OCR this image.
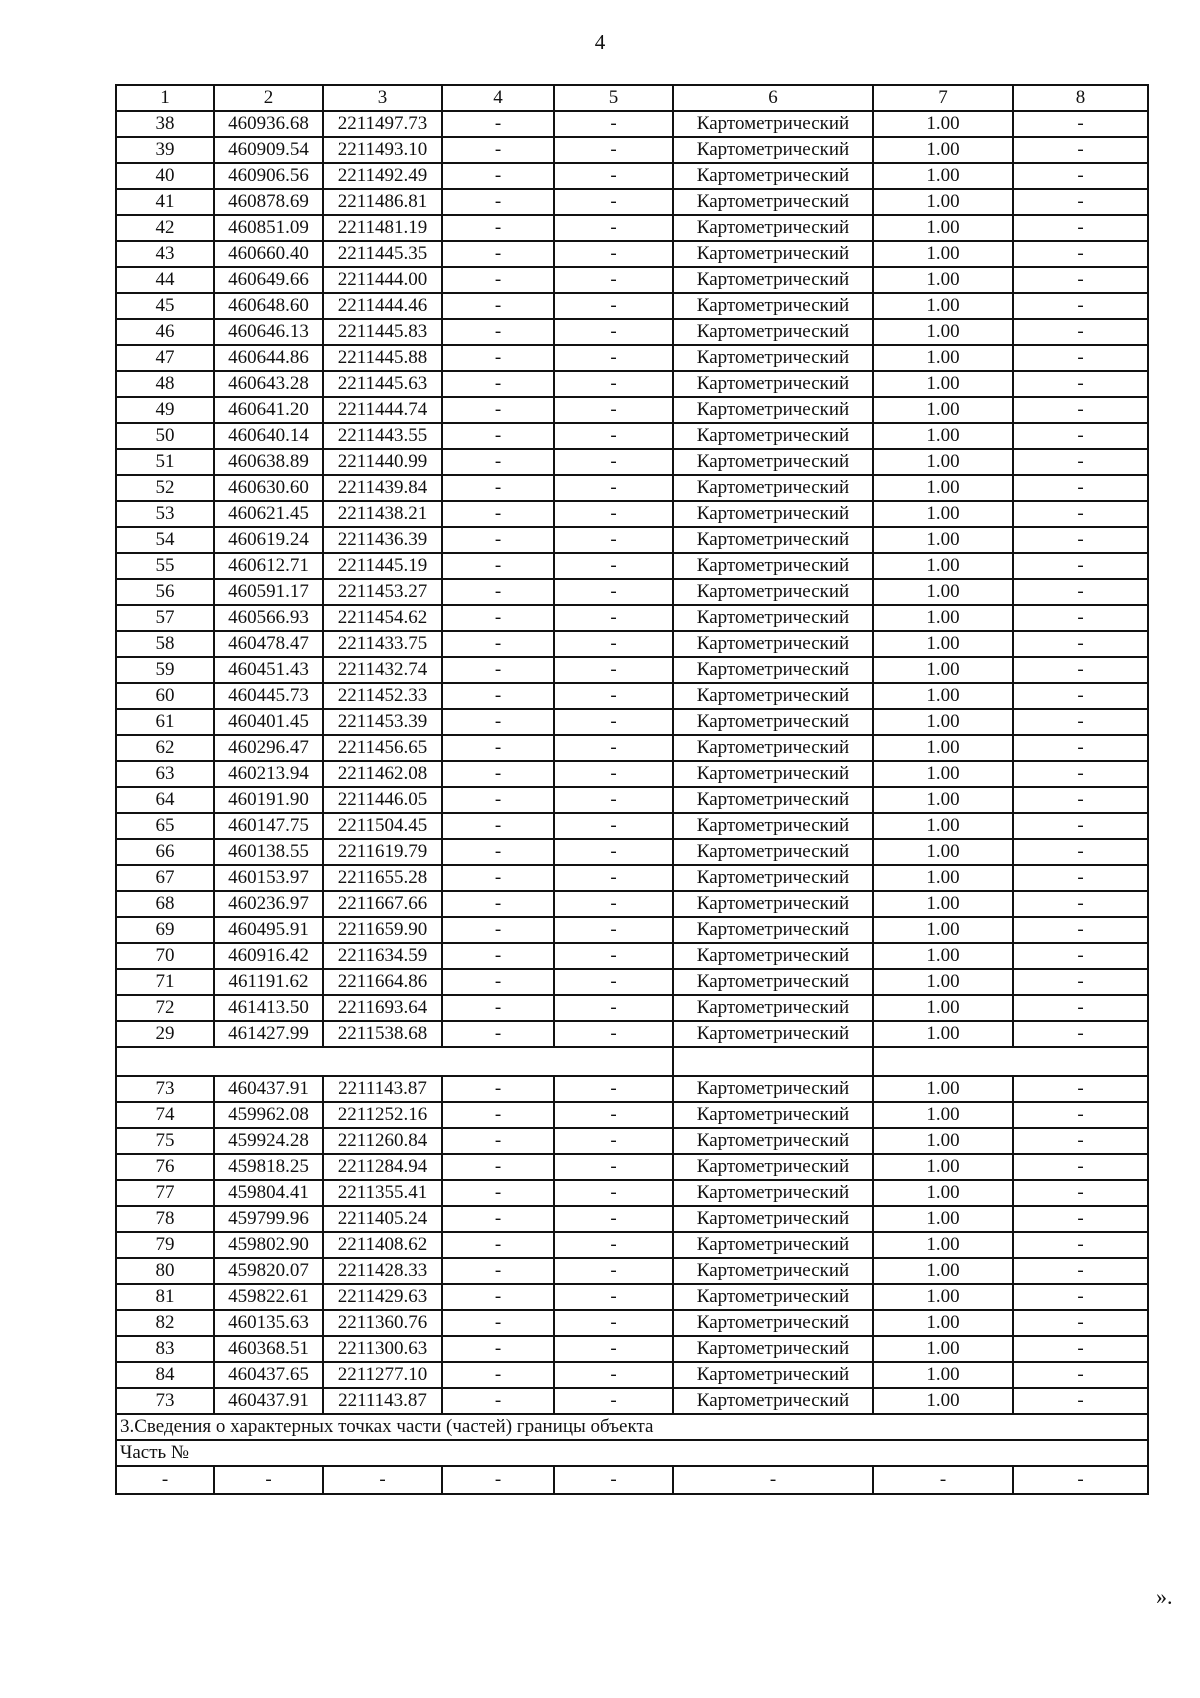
4
1	2	3	4	5	6	7	8
38	460936.68	2211497.73	-	-	Картометрический	1.00	-
39	460909.54	2211493.10	-	-	Картометрический	1.00	-
40	460906.56	2211492.49	-	-	Картометрический	1.00	-
41	460878.69	2211486.81	-	-	Картометрический	1.00	-
42	460851.09	2211481.19	-	-	Картометрический	1.00	-
43	460660.40	2211445.35	-	-	Картометрический	1.00	-
44	460649.66	2211444.00	-	-	Картометрический	1.00	-
45	460648.60	2211444.46	-	-	Картометрический	1.00	-
46	460646.13	2211445.83	-	-	Картометрический	1.00	-
47	460644.86	2211445.88	-	-	Картометрический	1.00	-
48	460643.28	2211445.63	-	-	Картометрический	1.00	-
49	460641.20	2211444.74	-	-	Картометрический	1.00	-
50	460640.14	2211443.55	-	-	Картометрический	1.00	-
51	460638.89	2211440.99	-	-	Картометрический	1.00	-
52	460630.60	2211439.84	-	-	Картометрический	1.00	-
53	460621.45	2211438.21	-	-	Картометрический	1.00	-
54	460619.24	2211436.39	-	-	Картометрический	1.00	-
55	460612.71	2211445.19	-	-	Картометрический	1.00	-
56	460591.17	2211453.27	-	-	Картометрический	1.00	-
57	460566.93	2211454.62	-	-	Картометрический	1.00	-
58	460478.47	2211433.75	-	-	Картометрический	1.00	-
59	460451.43	2211432.74	-	-	Картометрический	1.00	-
60	460445.73	2211452.33	-	-	Картометрический	1.00	-
61	460401.45	2211453.39	-	-	Картометрический	1.00	-
62	460296.47	2211456.65	-	-	Картометрический	1.00	-
63	460213.94	2211462.08	-	-	Картометрический	1.00	-
64	460191.90	2211446.05	-	-	Картометрический	1.00	-
65	460147.75	2211504.45	-	-	Картометрический	1.00	-
66	460138.55	2211619.79	-	-	Картометрический	1.00	-
67	460153.97	2211655.28	-	-	Картометрический	1.00	-
68	460236.97	2211667.66	-	-	Картометрический	1.00	-
69	460495.91	2211659.90	-	-	Картометрический	1.00	-
70	460916.42	2211634.59	-	-	Картометрический	1.00	-
71	461191.62	2211664.86	-	-	Картометрический	1.00	-
72	461413.50	2211693.64	-	-	Картометрический	1.00	-
29	461427.99	2211538.68	-	-	Картометрический	1.00	-

73	460437.91	2211143.87	-	-	Картометрический	1.00	-
74	459962.08	2211252.16	-	-	Картометрический	1.00	-
75	459924.28	2211260.84	-	-	Картометрический	1.00	-
76	459818.25	2211284.94	-	-	Картометрический	1.00	-
77	459804.41	2211355.41	-	-	Картометрический	1.00	-
78	459799.96	2211405.24	-	-	Картометрический	1.00	-
79	459802.90	2211408.62	-	-	Картометрический	1.00	-
80	459820.07	2211428.33	-	-	Картометрический	1.00	-
81	459822.61	2211429.63	-	-	Картометрический	1.00	-
82	460135.63	2211360.76	-	-	Картометрический	1.00	-
83	460368.51	2211300.63	-	-	Картометрический	1.00	-
84	460437.65	2211277.10	-	-	Картометрический	1.00	-
73	460437.91	2211143.87	-	-	Картометрический	1.00	-
3.Сведения о характерных точках части (частей) границы объекта							
Часть №							
-	-	-	-	-	-	-	-
».
